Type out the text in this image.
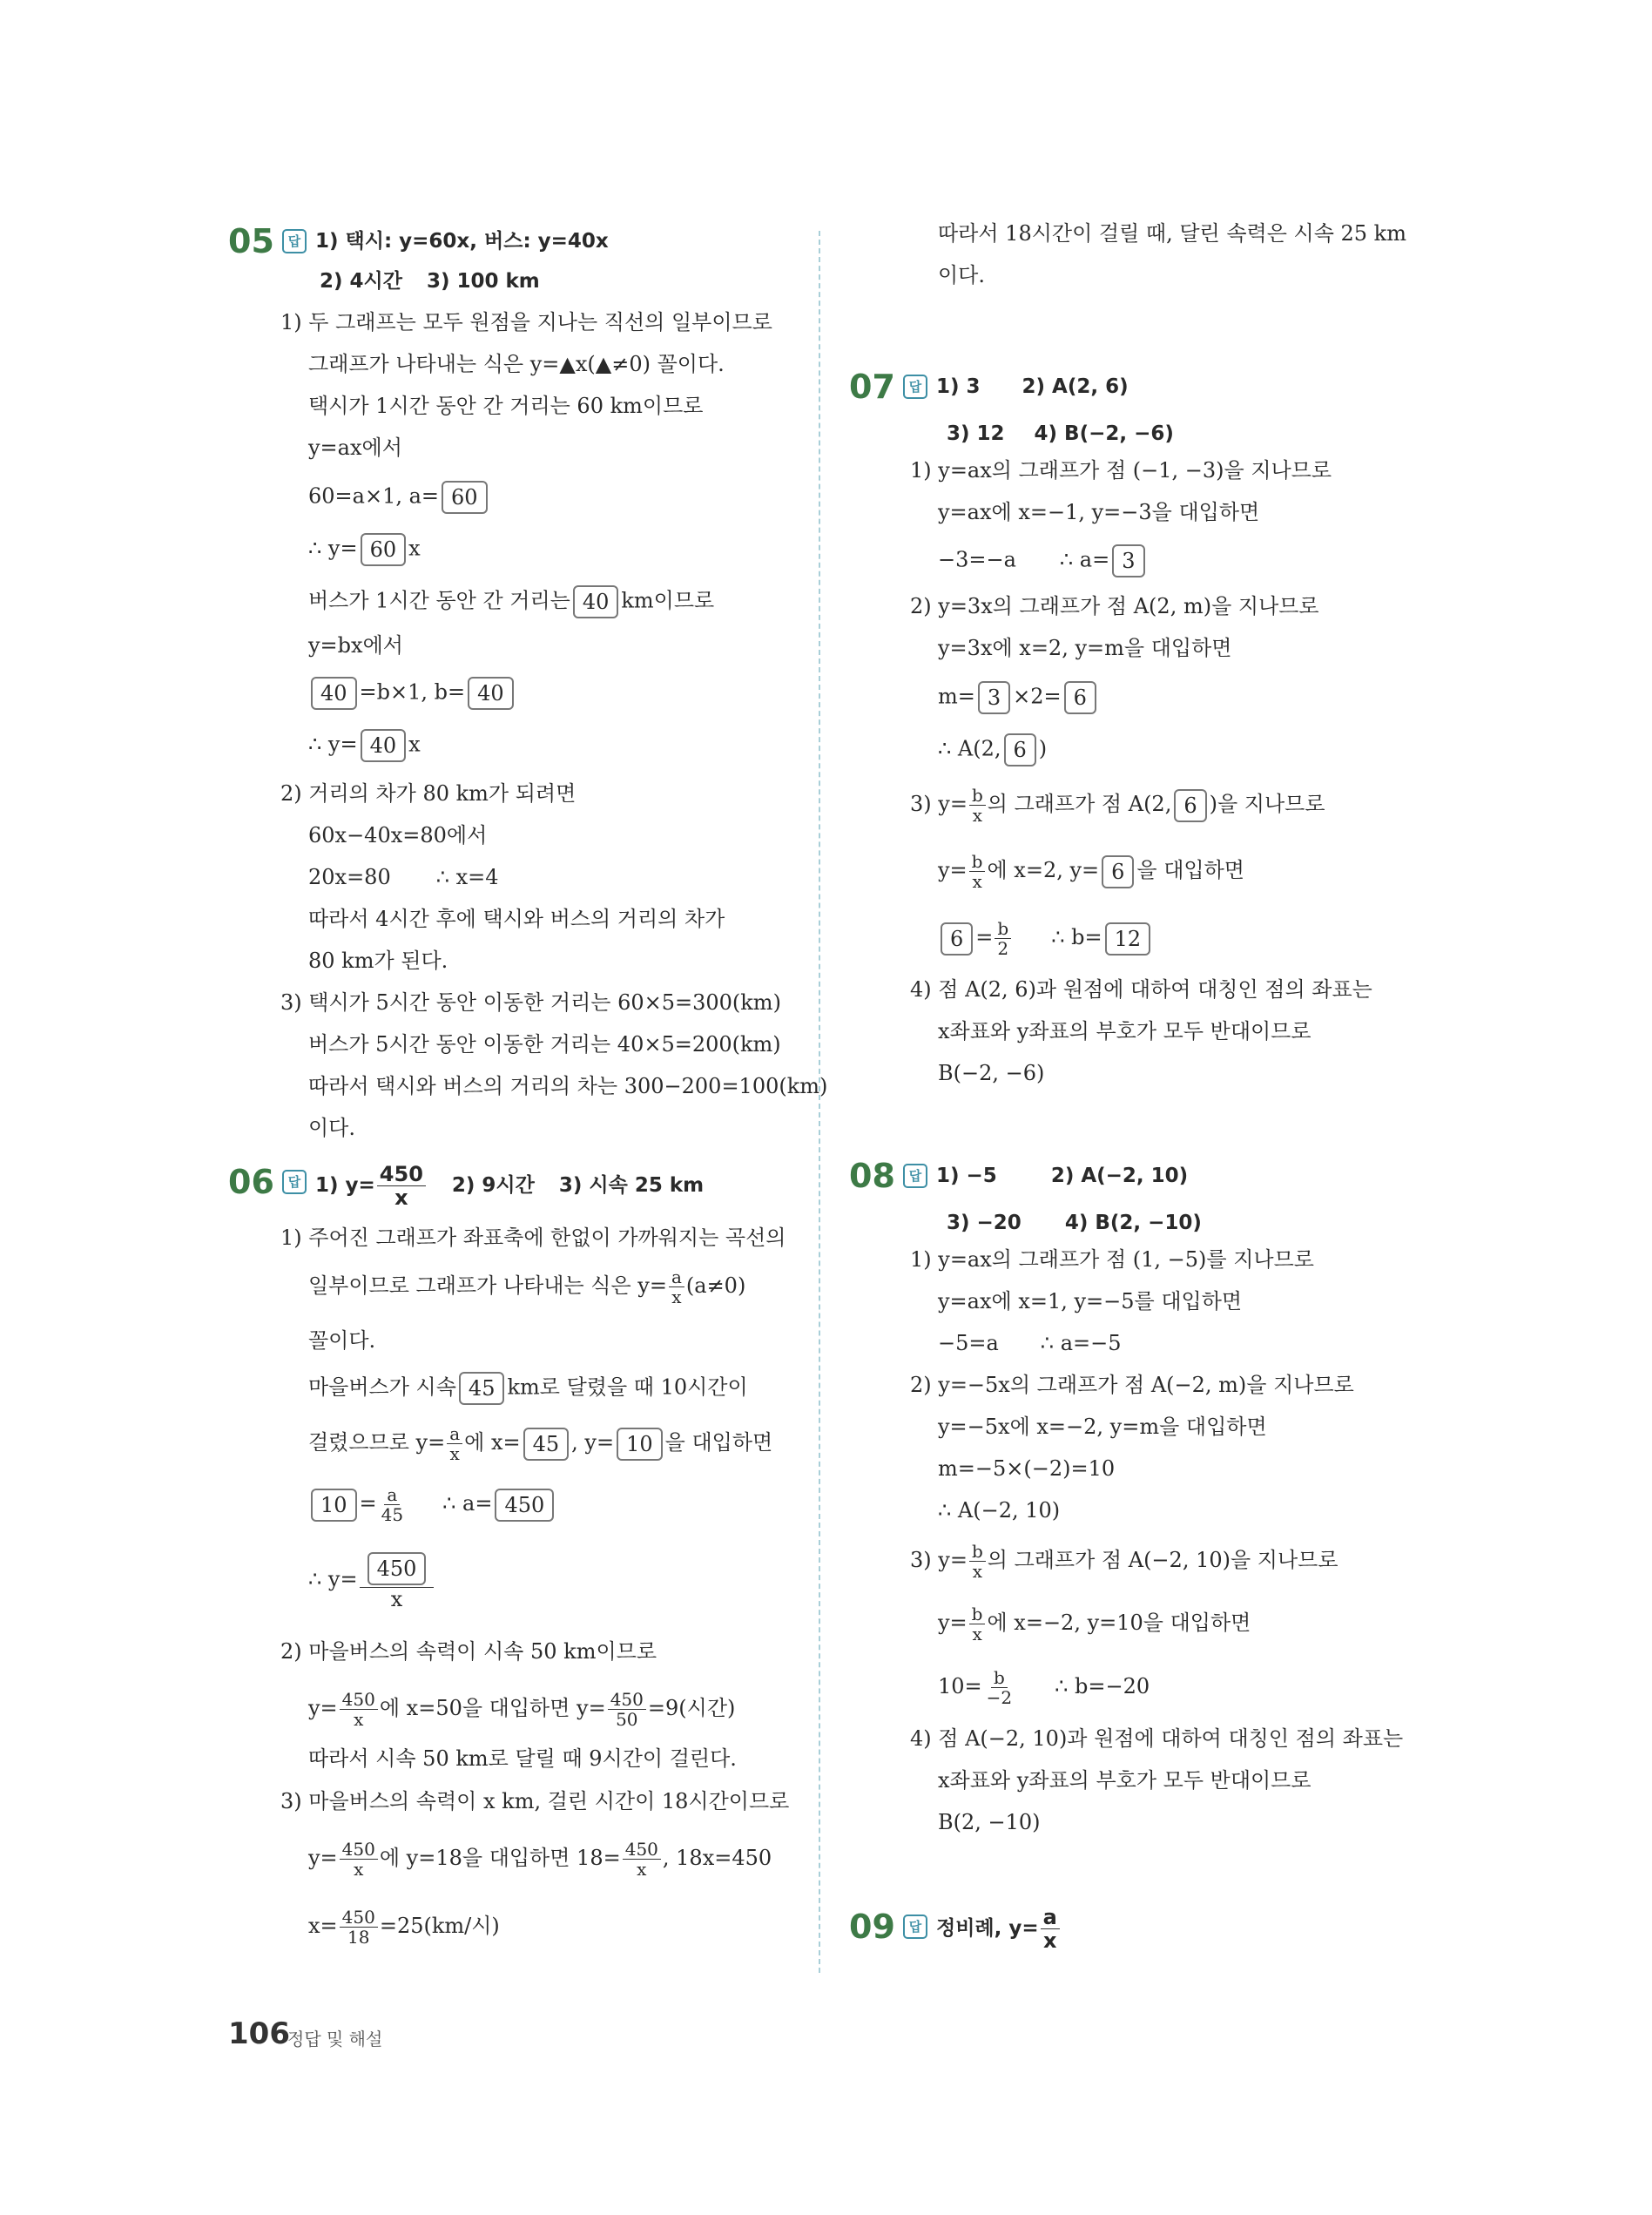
05	답 1) 택시: y=60x, 버스: y=40x
2) 4시간 3) 100 km
1) 두 그래프는 모두 원점을 지나는 직선의 일부이므로
그래프가 나타내는 식은 y=▲x(▲≠0) 꼴이다.
택시가 1시간 동안 간 거리는 60 km이므로
y=ax에서
60=a×1, a= 60
∴ y= 60 x
버스가 1시간 동안 간 거리는 40 km이므로
y=bx에서
40 =b×1, b= 40
∴ y= 40 x
2) 거리의 차가 80 km가 되려면
60x−40x=80에서
20x=80 ∴ x=4
따라서 4시간 후에 택시와 버스의 거리의 차가
80 km가 된다.
3) 택시가 5시간 동안 이동한 거리는 60×5=300(km)
버스가 5시간 동안 이동한 거리는 40×5=200(km)
따라서 택시와 버스의 거리의 차는 300−200=100(km)
이다.
06	답 1) $y= \frac{450}{x} 2$) 9시간 3) 시속 25 km
1) 주어진 그래프가 좌표축에 한없이 가까워지는 곡선의
일부이므로 그래프가 나타내는 식은 $y= \frac{a}{x} (a\ne 0)$
꼴이다.
마을버스가 시속 45 km로 달렸을 때 10시간이
걸렸으므로 $y= \frac{a}{x}$ 에 x= 45 , y= 10 을 대입하면
$10 = \frac{a}{45}$ ∴ a= 450
∴ $y= \frac{450}{x}$
2) 마을버스의 속력이 시속 50 km이므로
$y= \frac{450}{x}$ 에 x=50을 대입하면 $y= \frac{450}{50} =9$(시간)
따라서 시속 50 km로 달릴 때 9시간이 걸린다.
3) 마을버스의 속력이 x km, 걸린 시간이 18시간이므로
$y= \frac{450}{x}$ 에 y=18을 대입하면 $18= \frac{450}{x}$ , 18x=450
$x= \frac{450}{18} =25(km/$시)
따라서 18시간이 걸릴 때, 달린 속력은 시속 25 km
이다.
07	답 1) 3 2) A(2, 6)
3) 12 4) B(−2, −6)
1) y=ax의 그래프가 점 (−1, −3)을 지나므로
y=ax에 x=−1, y=−3을 대입하면
−3=−a ∴ a= 3
2) y=3x의 그래프가 점 A(2, m)을 지나므로
y=3x에 x=2, y=m을 대입하면
m= 3 ×2= 6
∴ A(2, 6 )
3) $y= \frac{b}{x}$ 의 그래프가 점 A(2, 6 )을 지나므로
$y= \frac{b}{x}$ 에 x=2, y= 6 을 대입하면
$6 = \frac{b}{2}$ ∴ b= 12
4) 점 A(2, 6)과 원점에 대하여 대칭인 점의 좌표는
x좌표와 y좌표의 부호가 모두 반대이므로
B(−2, −6)
08	답 1) −5	2) A(−2, 10)
3) −20 4) B(2, −10)
1) y=ax의 그래프가 점 (1, −5)를 지나므로
y=ax에 x=1, y=−5를 대입하면
−5=a ∴ a=−5
2) y=−5x의 그래프가 점 A(−2, m)을 지나므로
y=−5x에 x=−2, y=m을 대입하면
m=−5×(−2)=10
∴ A(−2, 10)
3) $y= \frac{b}{x}$ 의 그래프가 점 A(−2, 10)을 지나므로
$y= \frac{b}{x}$ 에 x=−2, y=10을 대입하면
$10= \frac{b}{-2}$ ∴ b=−20
4) 점 A(−2, 10)과 원점에 대하여 대칭인 점의 좌표는
x좌표와 y좌표의 부호가 모두 반대이므로
B(2, −10)
09	답 정비례, $y= \frac{a}{x}$
106
정답 및 해설
